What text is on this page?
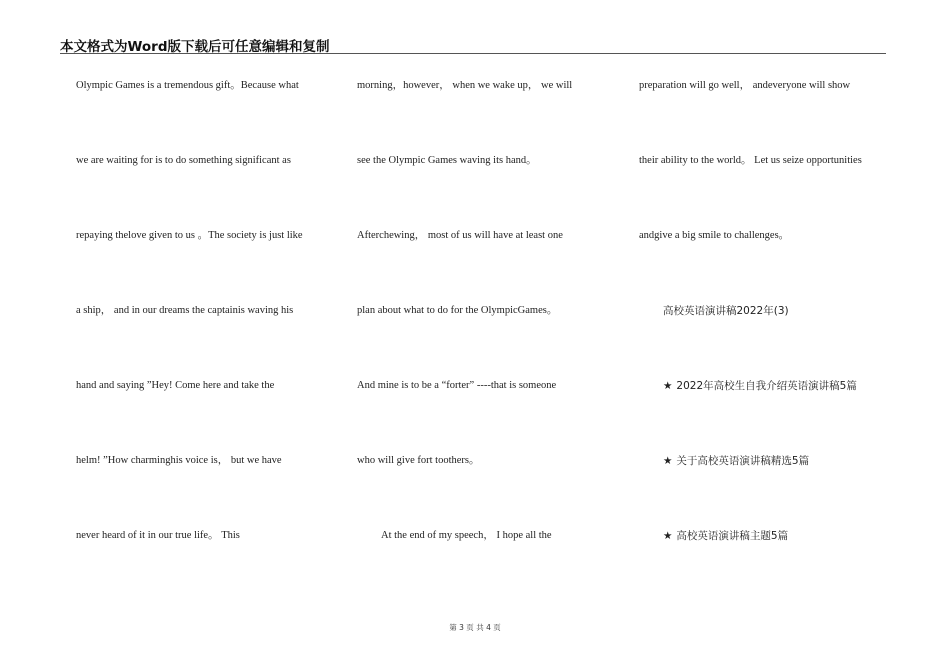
本文格式为Word版下载后可任意编辑和复制
Olympic Games is a tremendous gift。Because what
we are waiting for is to do something significant as
repaying thelove given to us 。The society is just like
a ship， and in our dreams the captainis waving his
hand and saying ”Hey! Come here and take the
helm! ”How charminghis voice is， but we have
never heard of it in our true life。 This
morning，however， when we wake up， we will
see the Olympic Games waving its hand。
Afterchewing， most of us will have at least one
plan about what to do for the OlympicGames。
And mine is to be a “forter” ----that is someone
who will give fort toothers。
At the end of my speech， I hope all the
preparation will go well， andeveryone will show
their ability to the world。 Let us seize opportunities
andgive a big smile to challenges。
高校英语演讲稿2022年(3)
★ 2022年高校生自我介绍英语演讲稿5篇
★ 关于高校英语演讲稿精选5篇
★ 高校英语演讲稿主题5篇
第 3 页 共 4 页
